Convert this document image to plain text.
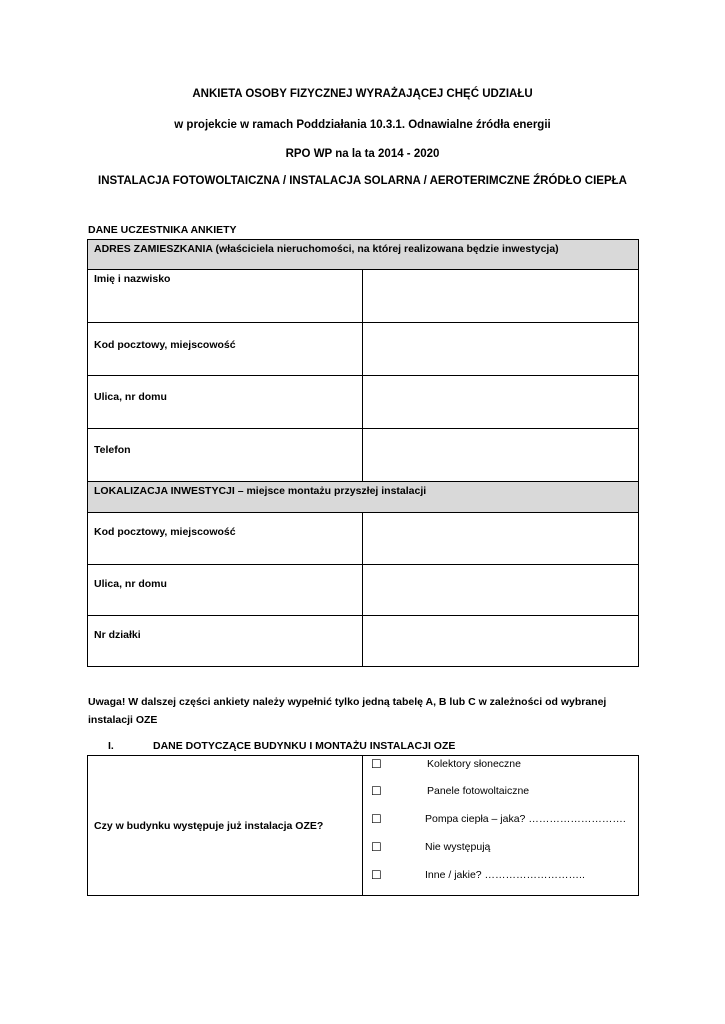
ANKIETA OSOBY FIZYCZNEJ WYRAŻAJĄCEJ CHĘĆ UDZIAŁU
w projekcie w ramach Poddziałania 10.3.1. Odnawialne źródła energii
RPO WP na la ta 2014 - 2020
INSTALACJA FOTOWOLTAICZNA / INSTALACJA SOLARNA / AEROTERIMCZNE ŹRÓDŁO CIEPŁA
DANE UCZESTNIKA ANKIETY
ADRES ZAMIESZKANIA (właściciela nieruchomości, na której realizowana będzie inwestycja)	

Imię i nazwisko	

Kod pocztowy, miejscowość	

Ulica, nr domu	

Telefon	

LOKALIZACJA INWESTYCJI – miejsce montażu przyszłej instalacji	

Kod pocztowy, miejscowość	

Ulica, nr domu	

Nr działki	

Uwaga! W dalszej części ankiety należy wypełnić tylko jedną tabelę A, B lub C w zależności od wybranej instalacji OZE
I.	DANE DOTYCZĄCE BUDYNKU I MONTAŻU INSTALACJI OZE
Czy w budynku występuje już instalacja OZE?	
☐	Kolektory słoneczne
☐	Panele fotowoltaiczne
☐	Pompa ciepła – jaka? ……………………….
☐	Nie występują
☐	Inne / jakie? ………………………..
